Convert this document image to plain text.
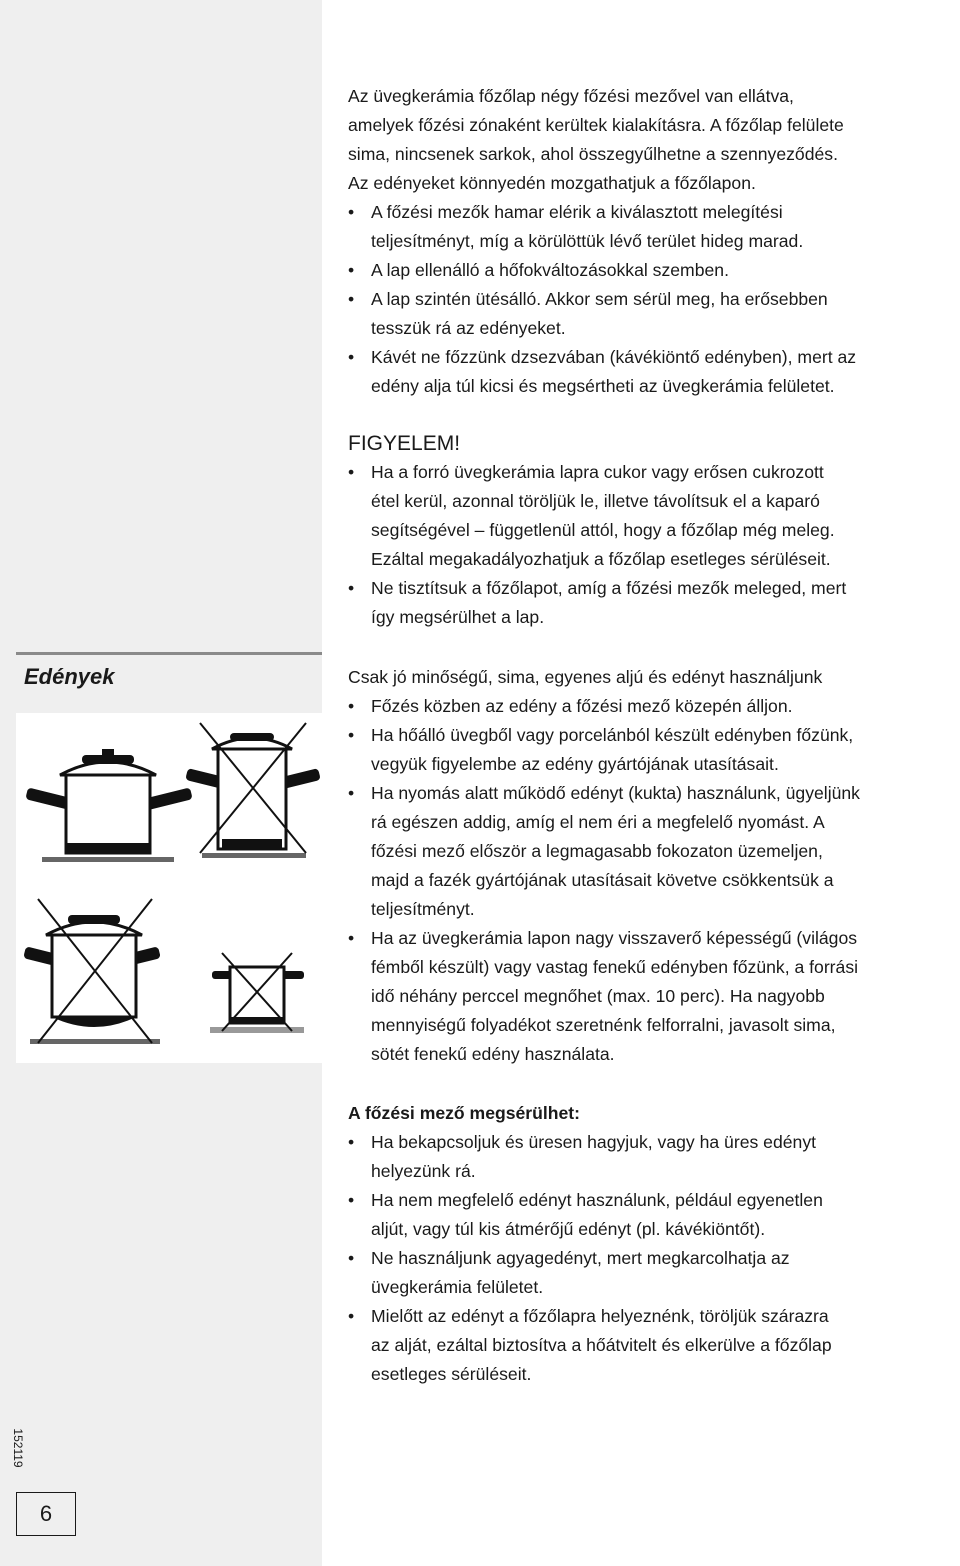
Az üvegkerámia főzőlap négy főzési mezővel van ellátva,

amelyek főzési zónaként kerültek kialakításra. A főzőlap felülete

sima, nincsenek sarkok, ahol összegyűlhetne a szennyeződés.

Az edényeket könnyedén mozgathatjuk a főzőlapon.

• A főzési mezők hamar elérik a kiválasztott melegítési

teljesítményt, míg a körülöttük lévő terület hideg marad.

• A lap ellenálló a hőfokváltozásokkal szemben.

• A lap szintén ütésálló. Akkor sem sérül meg, ha erősebben

tesszük rá az edényeket.

• Kávét ne főzzünk dzsezvában (kávékiöntő edényben), mert az

edény alja túl kicsi és megsértheti az üvegkerámia felületet.

FIGYELEM!

• Ha a forró üvegkerámia lapra cukor vagy erősen cukrozott

étel kerül, azonnal töröljük le, illetve távolítsuk el a kaparó

segítségével – függetlenül attól, hogy a főzőlap még meleg.

Ezáltal megakadályozhatjuk a főzőlap esetleges sérüléseit.

• Ne tisztítsuk a főzőlapot, amíg a főzési mezők meleged, mert

így megsérülhet a lap.

Edények	Csak jó minőségű, sima, egyenes aljú és edényt használjunk

• Főzés közben az edény a főzési mező közepén álljon.

• Ha hőálló üvegből vagy porcelánból készült edényben főzünk,

vegyük figyelembe az edény gyártójának utasításait.

• Ha nyomás alatt működő edényt (kukta) használunk, ügyeljünk

rá egészen addig, amíg el nem éri a megfelelő nyomást. A

főzési mező először a legmagasabb fokozaton üzemeljen,

majd a fazék gyártójának utasításait követve csökkentsük a

teljesítményt.

• Ha az üvegkerámia lapon nagy visszaverő képességű (világos

fémből készült) vagy vastag fenekű edényben főzünk, a forrási

idő néhány perccel megnőhet (max. 10 perc). Ha nagyobb

mennyiségű folyadékot szeretnénk felforralni, javasolt sima,

sötét fenekű edény használata.

A főzési mező megsérülhet:

• Ha bekapcsoljuk és üresen hagyjuk, vagy ha üres edényt

helyezünk rá.

• Ha nem megfelelő edényt használunk, például egyenetlen

aljút, vagy túl kis átmérőjű edényt (pl. kávékiöntőt).

• Ne használjunk agyagedényt, mert megkarcolhatja az

üvegkerámia felületet.

• Mielőtt az edényt a főzőlapra helyeznénk, töröljük szárazra

az alját, ezáltal biztosítva a hőátvitelt és elkerülve a főzőlap

esetleges sérüléseit.

152119
6
